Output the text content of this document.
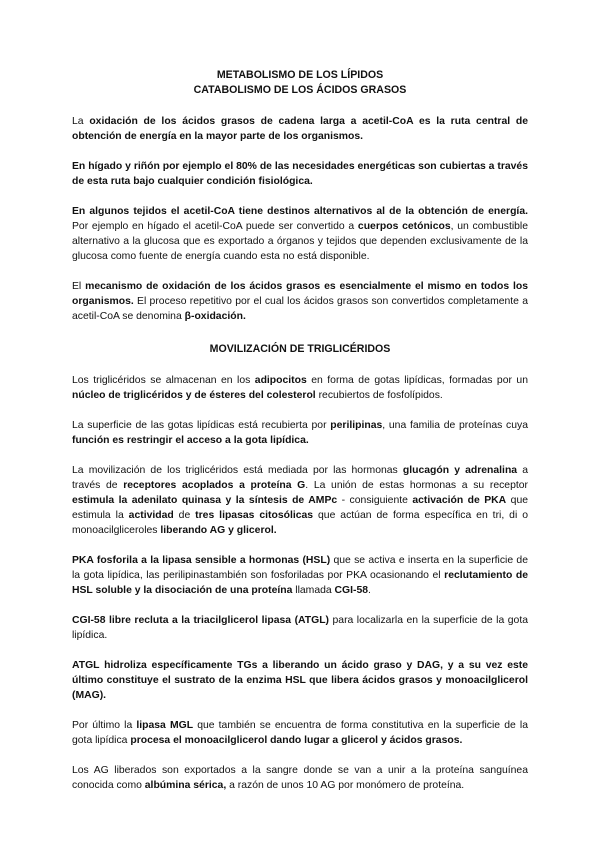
METABOLISMO DE LOS LÍPIDOS
CATABOLISMO DE LOS ÁCIDOS GRASOS

La oxidación de los ácidos grasos de cadena larga a acetil-CoA es la ruta central de obtención de energía en la mayor parte de los organismos.

En hígado y riñón por ejemplo el 80% de las necesidades energéticas son cubiertas a través de esta ruta bajo cualquier condición fisiológica.

En algunos tejidos el acetil-CoA tiene destinos alternativos al de la obtención de energía. Por ejemplo en hígado el acetil-CoA puede ser convertido a cuerpos cetónicos, un combustible alternativo a la glucosa que es exportado a órganos y tejidos que dependen exclusivamente de la glucosa como fuente de energía cuando esta no está disponible.

El mecanismo de oxidación de los ácidos grasos es esencialmente el mismo en todos los organismos. El proceso repetitivo por el cual los ácidos grasos son convertidos completamente a acetil-CoA se denomina β-oxidación.

MOVILIZACIÓN DE TRIGLICÉRIDOS

Los triglicéridos se almacenan en los adipocitos en forma de gotas lipídicas, formadas por un núcleo de triglicéridos y de ésteres del colesterol recubiertos de fosfolípidos.

La superficie de las gotas lipídicas está recubierta por perilipinas, una familia de proteínas cuya función es restringir el acceso a la gota lipídica.

La movilización de los triglicéridos está mediada por las hormonas glucagón y adrenalina a través de receptores acoplados a proteína G. La unión de estas hormonas a su receptor estimula la adenilato quinasa y la síntesis de AMPc - consiguiente activación de PKA que estimula la actividad de tres lipasas citosólicas que actúan de forma específica en tri, di o monoacilgliceroles liberando AG y glicerol.

PKA fosforila a la lipasa sensible a hormonas (HSL) que se activa e inserta en la superficie de la gota lipídica, las perilipinastambién son fosforiladas por PKA ocasionando el reclutamiento de HSL soluble y la disociación de una proteína llamada CGI-58.

CGI-58 libre recluta a la triacilglicerol lipasa (ATGL) para localizarla en la superficie de la gota lipídica.

ATGL hidroliza específicamente TGs a liberando un ácido graso y DAG, y a su vez este último constituye el sustrato de la enzima HSL que libera ácidos grasos y monoacilglicerol (MAG).

Por último la lipasa MGL que también se encuentra de forma constitutiva en la superficie de la gota lipídica procesa el monoacilglicerol dando lugar a glicerol y ácidos grasos.

Los AG liberados son exportados a la sangre donde se van a unir a la proteína sanguínea conocida como albúmina sérica, a razón de unos 10 AG por monómero de proteína.
